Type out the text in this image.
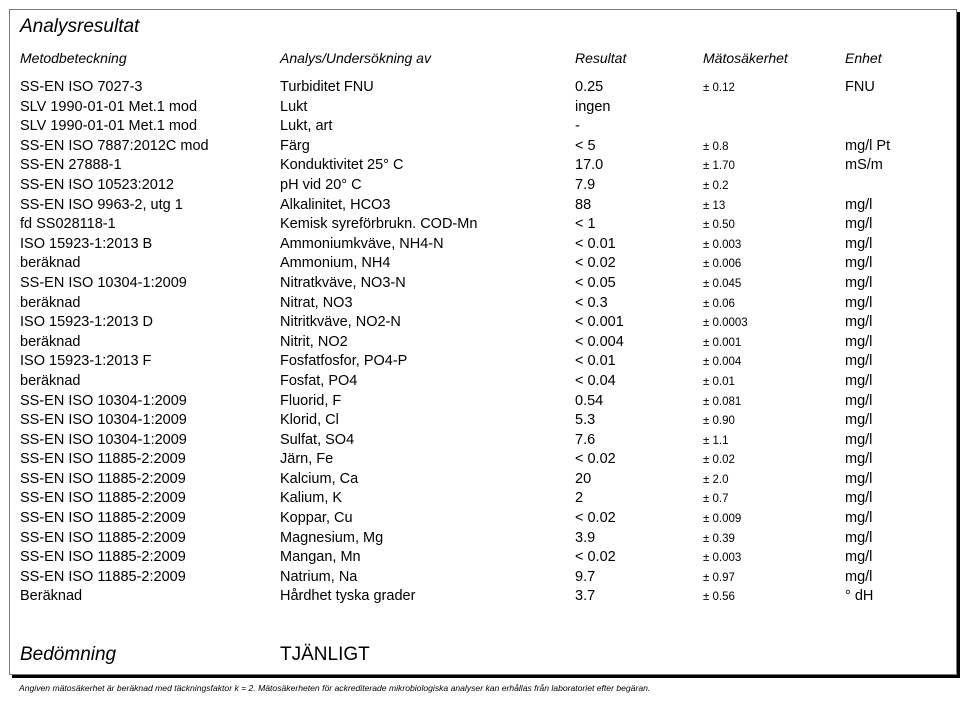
Analysresultat
Metodbeteckning	Analys/Undersökning av	Resultat	Mätosäkerhet	Enhet
SS-EN ISO 7027-3	Turbiditet FNU	0.25	± 0.12	FNU
SLV 1990-01-01 Met.1 mod	Lukt	ingen
SLV 1990-01-01 Met.1 mod	Lukt, art	-
SS-EN ISO 7887:2012C mod	Färg	< 5	± 0.8	mg/l Pt
SS-EN 27888-1	Konduktivitet 25° C	17.0	± 1.70	mS/m
SS-EN ISO 10523:2012	pH vid 20° C	7.9	± 0.2
SS-EN ISO 9963-2, utg 1	Alkalinitet, HCO3	88	± 13	mg/l
fd SS028118-1	Kemisk syreförbrukn. COD-Mn	< 1	± 0.50	mg/l
ISO 15923-1:2013 B	Ammoniumkväve, NH4-N	< 0.01	± 0.003	mg/l
beräknad	Ammonium, NH4	< 0.02	± 0.006	mg/l
SS-EN ISO 10304-1:2009	Nitratkväve, NO3-N	< 0.05	± 0.045	mg/l
beräknad	Nitrat, NO3	< 0.3	± 0.06	mg/l
ISO 15923-1:2013 D	Nitritkväve, NO2-N	< 0.001	± 0.0003	mg/l
beräknad	Nitrit, NO2	< 0.004	± 0.001	mg/l
ISO 15923-1:2013 F	Fosfatfosfor, PO4-P	< 0.01	± 0.004	mg/l
beräknad	Fosfat, PO4	< 0.04	± 0.01	mg/l
SS-EN ISO 10304-1:2009	Fluorid, F	0.54	± 0.081	mg/l
SS-EN ISO 10304-1:2009	Klorid, Cl	5.3	± 0.90	mg/l
SS-EN ISO 10304-1:2009	Sulfat, SO4	7.6	± 1.1	mg/l
SS-EN ISO 11885-2:2009	Järn, Fe	< 0.02	± 0.02	mg/l
SS-EN ISO 11885-2:2009	Kalcium, Ca	20	± 2.0	mg/l
SS-EN ISO 11885-2:2009	Kalium, K	2	± 0.7	mg/l
SS-EN ISO 11885-2:2009	Koppar, Cu	< 0.02	± 0.009	mg/l
SS-EN ISO 11885-2:2009	Magnesium, Mg	3.9	± 0.39	mg/l
SS-EN ISO 11885-2:2009	Mangan, Mn	< 0.02	± 0.003	mg/l
SS-EN ISO 11885-2:2009	Natrium, Na	9.7	± 0.97	mg/l
Beräknad	Hårdhet tyska grader	3.7	± 0.56	° dH
Bedömning	TJÄNLIGT
Angiven mätosäkerhet är beräknad med täckningsfaktor k = 2. Mätosäkerheten för ackrediterade mikrobiologiska analyser kan erhållas från laboratoriet efter begäran.
